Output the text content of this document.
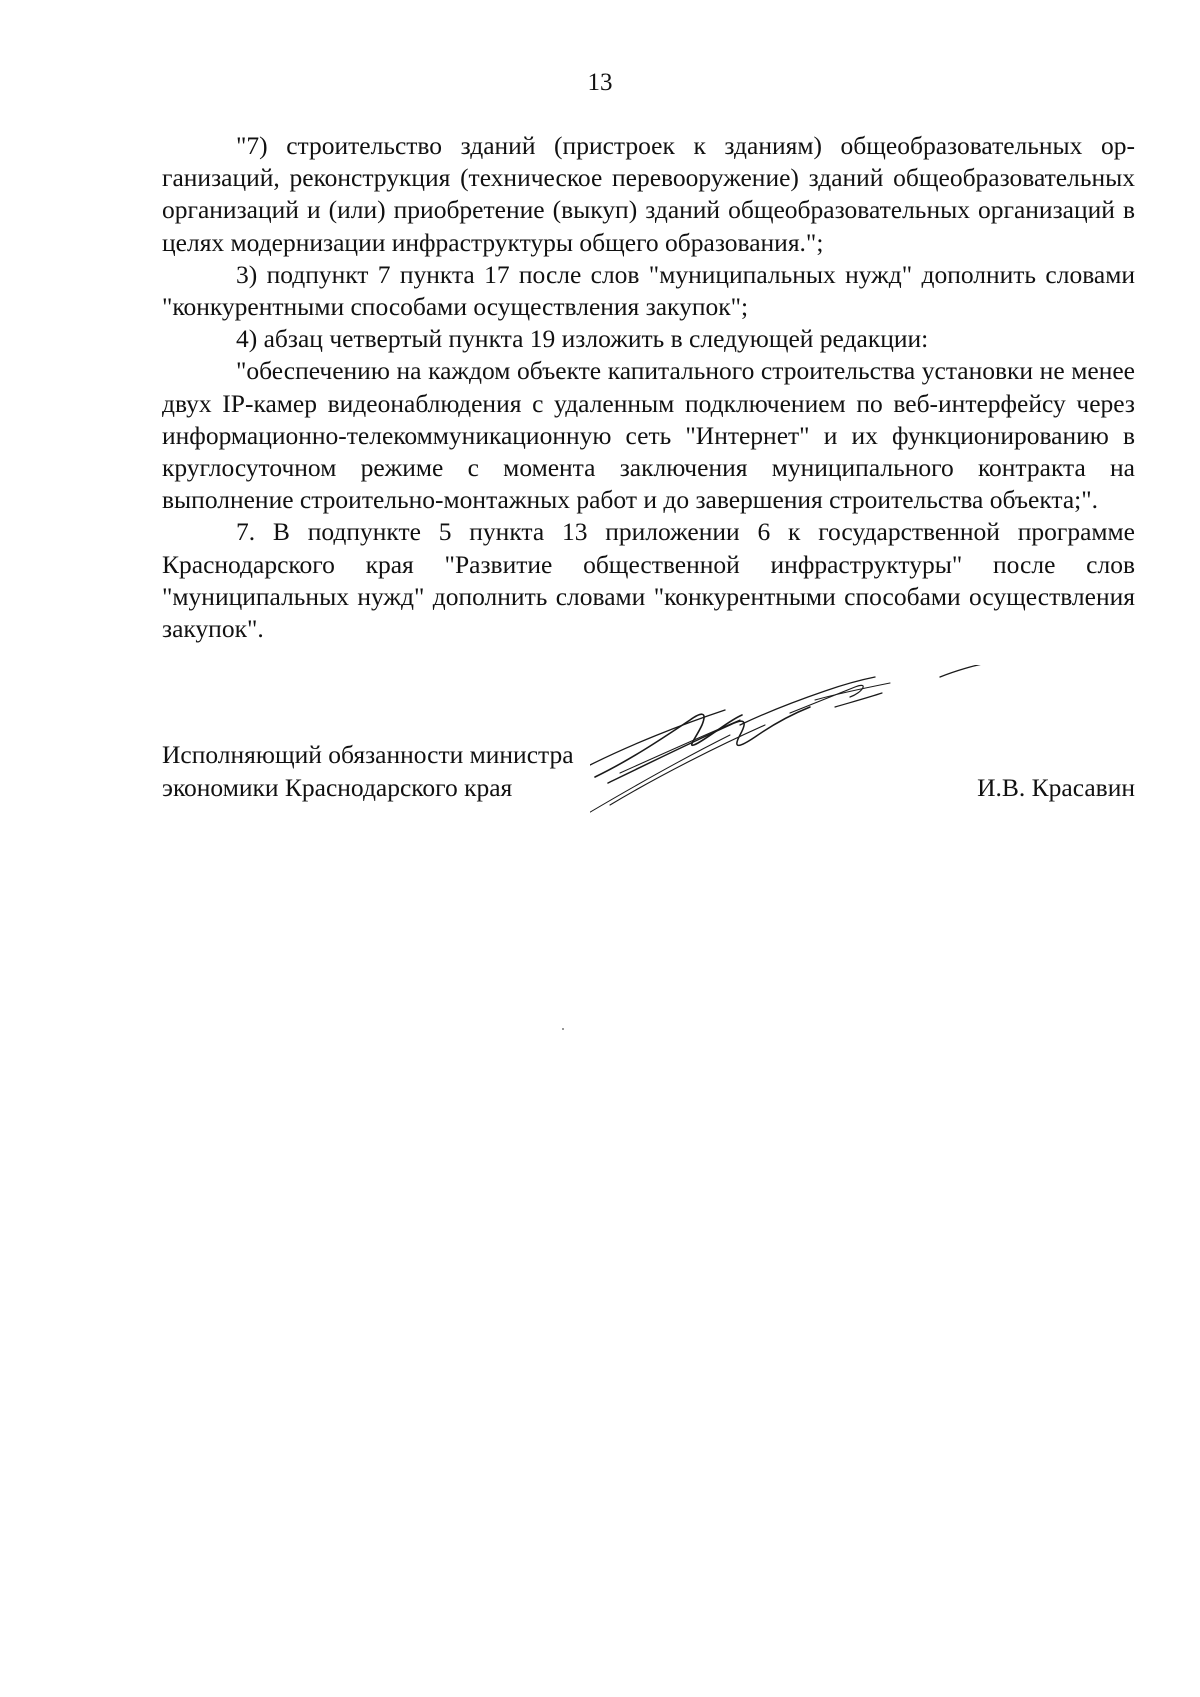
13

"7) строительство зданий (пристроек к зданиям) общеобразовательных организаций, реконструкция (техническое перевооружение) зданий общеобразовательных организаций и (или) приобретение (выкуп) зданий общеобразовательных организаций в целях модернизации инфраструктуры общего образования.";

3) подпункт 7 пункта 17 после слов "муниципальных нужд" дополнить словами "конкурентными способами осуществления закупок";

4) абзац четвертый пункта 19 изложить в следующей редакции:

"обеспечению на каждом объекте капитального строительства установки не менее двух IP-камер видеонаблюдения с удаленным подключением по веб-интерфейсу через информационно-телекоммуникационную сеть "Интернет" и их функционированию в круглосуточном режиме с момента заключения муниципального контракта на выполнение строительно-монтажных работ и до завершения строительства объекта;".

7. В подпункте 5 пункта 13 приложении 6 к государственной программе Краснодарского края "Развитие общественной инфраструктуры" после слов "муниципальных нужд" дополнить словами "конкурентными способами осуществления закупок".

Исполняющий обязанности министра
экономики Краснодарского края	И.В. Красавин
